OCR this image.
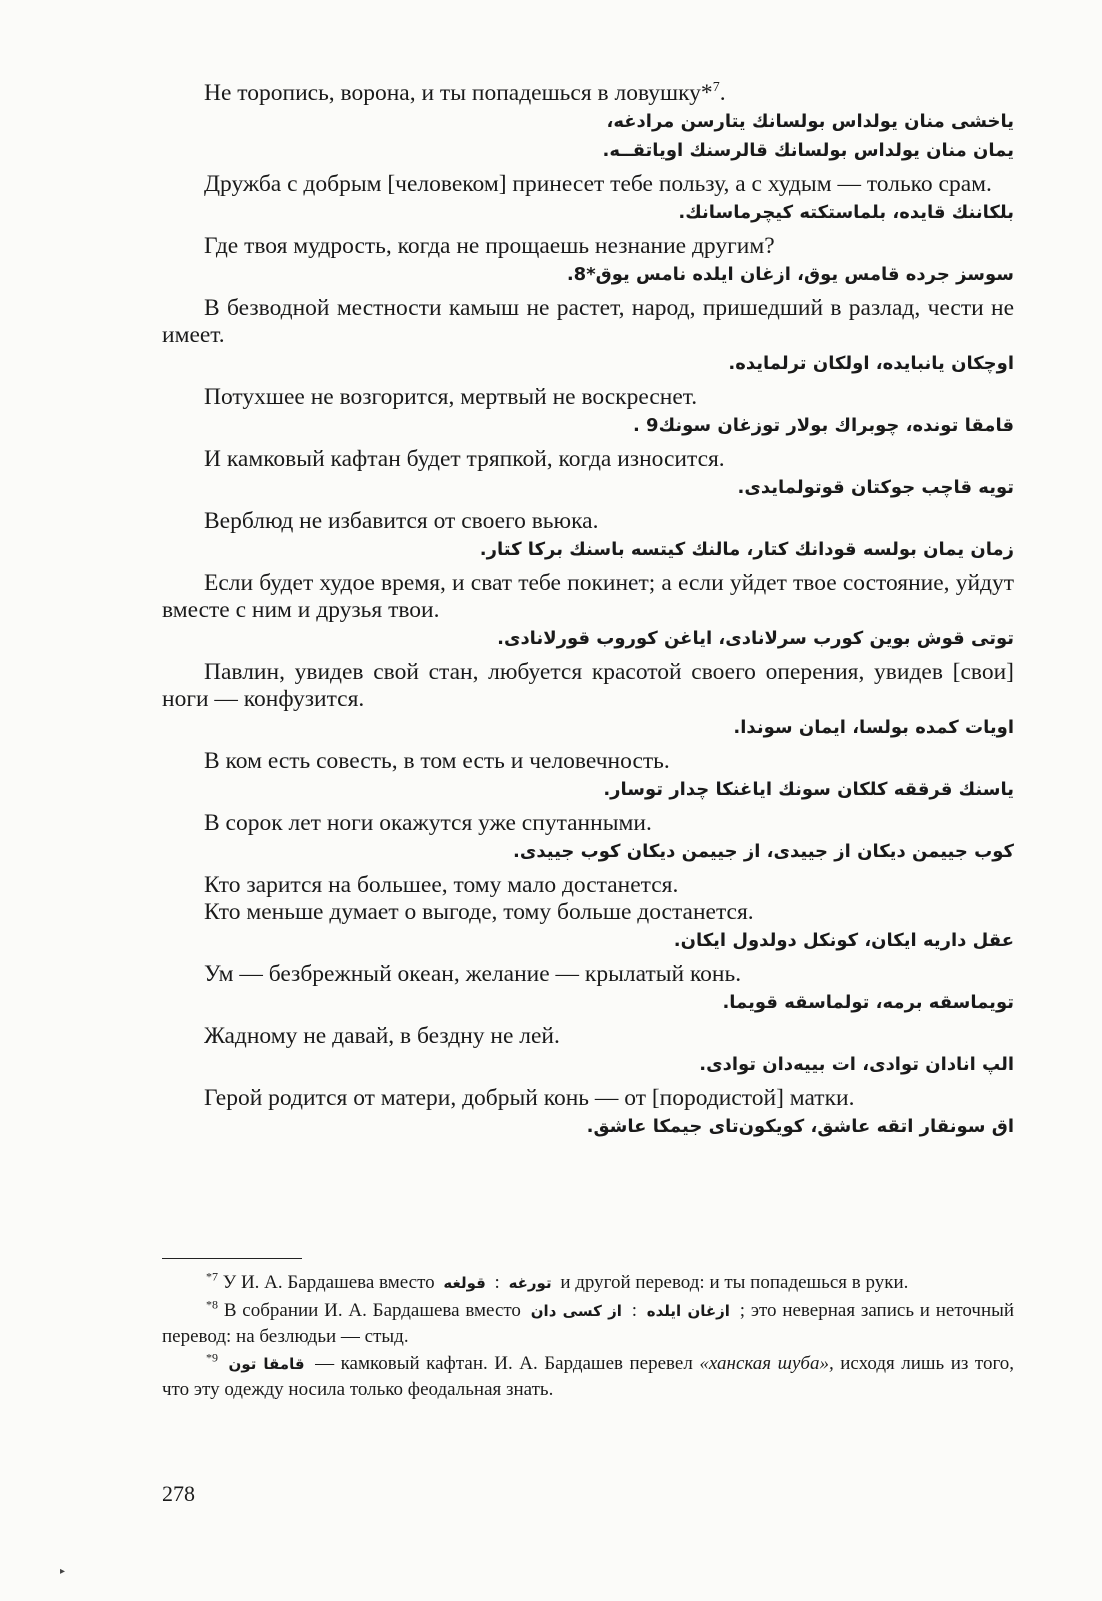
Не торопись, ворона, и ты попадешься в ловушку*$^7$.

یاخشی منان یولداس بولسانك یتارسن مرادغه،

یمان منان یولداس بولسانك قالرسنك اویاتقــه.

Дружба с добрым [человеком] принесет тебе пользу, а с худым — только срам.

بلکاننك قایده، بلماستکته کیچرماسانك.

Где твоя мудрость, когда не прощаешь незнание другим?

سوسز جرده قامس یوق، ازغان ایلده نامس یوق*8.

В безводной местности камыш не растет, народ, пришедший в разлад, чести не имеет.

اوچکان یانبایده، اولکان ترلمایده.

Потухшее не возгорится, мертвый не воскреснет.

قامقا تونده، چوبراك بولار توزغان سونك9 .

И камковый кафтан будет тряпкой, когда износится.

تویه قاچب جوکتان قوتولمایدی.

Верблюд не избавится от своего вьюка.

زمان یمان بولسه قودانك کتار، مالنك کیتسه باسنك برکا کتار.

Если будет худое время, и сват тебе покинет; а если уйдет твое состояние, уйдут вместе с ним и друзья твои.

توتی قوش بوین کورب سرلانادی، ایاغن کوروب قورلانادی.

Павлин, увидев свой стан, любуется красотой своего оперения, увидев [свои] ноги — конфузится.

اویات کمده بولسا، ایمان سوندا.

В ком есть совесть, в том есть и человечность.

یاسنك قرققه کلکان سونك ایاغنکا چدار توسار.

В сорок лет ноги окажутся уже спутанными.

کوب جییمن دیکان از جییدی، از جییمن دیکان کوب جییدی.

Кто зарится на большее, тому мало достанется.

Кто меньше думает о выгоде, тому больше достанется.

عقل داریه ایکان، کونکل دولدول ایکان.

Ум — безбрежный океан, желание — крылатый конь.

تویماسقه برمه، تولماسقه قویما.

Жадному не давай, в бездну не лей.

الپ انادان توادی، ات بییه‌دان توادی.

Герой родится от матери, добрый конь — от [породистой] матки.

اق سونقار اتقه عاشق، کویکون‌تای جیمکا عاشق.

$^{*7}$ У И. А. Бардашева вместо	تورغه : قولغه	и другой перевод: и ты попадешься в руки.

$^{*8}$ В собрании И. А. Бардашева вместо	ازغان ایلده : از کسی دان	; это неверная запись и неточный перевод: на безлюдьи — стыд.

$^{*9}$ قامقا تون — камковый кафтан. И. А. Бардашев перевел «ханская шуба», исходя лишь из того, что эту одежду носила только феодальная знать.

278
▸
